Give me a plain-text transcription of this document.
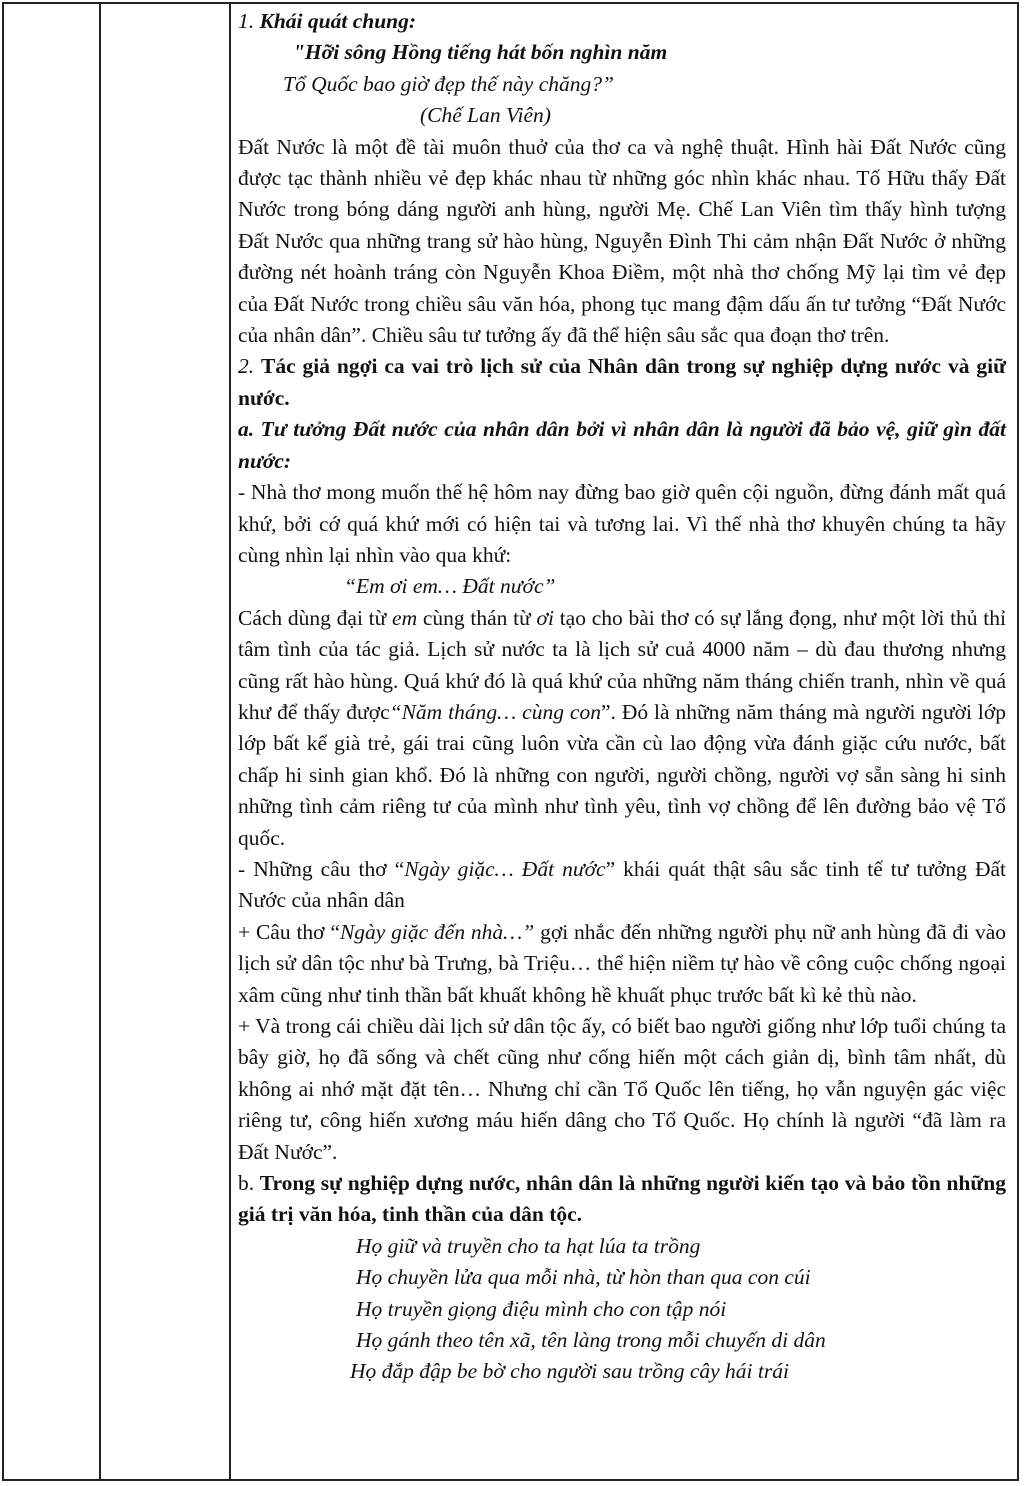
1. Khái quát chung:

"Hỡi sông Hồng tiếng hát bốn nghìn năm

Tổ Quốc bao giờ đẹp thế này chăng?”

(Chế Lan Viên)

Đất Nước là một đề tài muôn thuở của thơ ca và nghệ thuật. Hình hài Đất Nước cũng được tạc thành nhiều vẻ đẹp khác nhau từ những góc nhìn khác nhau. Tố Hữu thấy Đất Nước trong bóng dáng người anh hùng, người Mẹ. Chế Lan Viên tìm thấy hình tượng Đất Nước qua những trang sử hào hùng, Nguyễn Đình Thi cảm nhận Đất Nước ở những đường nét hoành tráng còn Nguyễn Khoa Điềm, một nhà thơ chống Mỹ lại tìm vẻ đẹp của Đất Nước trong chiều sâu văn hóa, phong tục mang đậm dấu ấn tư tưởng “Đất Nước của nhân dân”. Chiều sâu tư tưởng ấy đã thể hiện sâu sắc qua đoạn thơ trên.

2. Tác giả ngợi ca vai trò lịch sử của Nhân dân trong sự nghiệp dựng nước và giữ nước.

a. Tư tưởng Đất nước của nhân dân bởi vì nhân dân là người đã bảo vệ, giữ gìn đất nước:

- Nhà thơ mong muốn thế hệ hôm nay đừng bao giờ quên cội nguồn, đừng đánh mất quá khứ, bởi cớ quá khứ mới có hiện tai và tương lai. Vì thế nhà thơ khuyên chúng ta hãy cùng nhìn lại nhìn vào qua khứ:

“Em ơi em… Đất nước”

Cách dùng đại từ em cùng thán từ ơi tạo cho bài thơ có sự lắng đọng, như một lời thủ thỉ tâm tình của tác giả. Lịch sử nước ta là lịch sử cuả 4000 năm – dù đau thương nhưng cũng rất hào hùng. Quá khứ đó là quá khứ của những năm tháng chiến tranh, nhìn về quá khư để thấy được“Năm tháng… cùng con”. Đó là những năm tháng mà người người lớp lớp bất kể già trẻ, gái trai cũng luôn vừa cần cù lao động vừa đánh giặc cứu nước, bất chấp hi sinh gian khổ. Đó là những con người, người chồng, người vợ sẵn sàng hi sinh những tình cảm riêng tư của mình như tình yêu, tình vợ chồng để lên đường bảo vệ Tổ quốc.

- Những câu thơ “Ngày giặc… Đất nước” khái quát thật sâu sắc tinh tế tư tưởng Đất Nước của nhân dân

+ Câu thơ “Ngày giặc đến nhà…” gợi nhắc đến những người phụ nữ anh hùng đã đi vào lịch sử dân tộc như bà Trưng, bà Triệu… thể hiện niềm tự hào về công cuộc chống ngoại xâm cũng như tinh thần bất khuất không hề khuất phục trước bất kì kẻ thù nào.

+ Và trong cái chiều dài lịch sử dân tộc ấy, có biết bao người giống như lớp tuổi chúng ta bây giờ, họ đã sống và chết cũng như cống hiến một cách giản dị, bình tâm nhất, dù không ai nhớ mặt đặt tên… Nhưng chỉ cần Tổ Quốc lên tiếng, họ vẫn nguyện gác việc riêng tư, công hiến xương máu hiến dâng cho Tổ Quốc. Họ chính là người “đã làm ra Đất Nước”.

b. Trong sự nghiệp dựng nước, nhân dân là những người kiến tạo và bảo tồn những giá trị văn hóa, tinh thần của dân tộc.

Họ giữ và truyền cho ta hạt lúa ta trồng

Họ chuyền lửa qua mỗi nhà, từ hòn than qua con cúi

Họ truyền giọng điệu mình cho con tập nói

Họ gánh theo tên xã, tên làng trong mỗi chuyến di dân

Họ đắp đập be bờ cho người sau trồng cây hái trái
